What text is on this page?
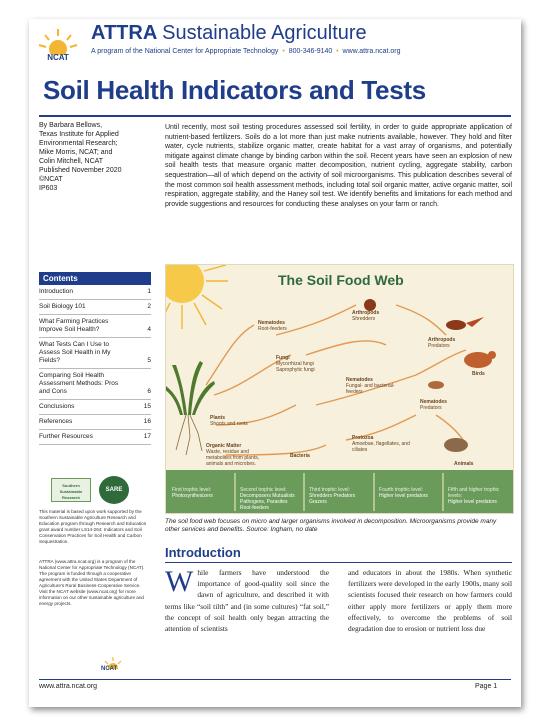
NCAT
ATTRA Sustainable Agriculture
A program of the National Center for Appropriate Technology  •  800-346-9140  •  www.attra.ncat.org
Soil Health Indicators and Tests
By Barbara Bellows,
Texas Institute for Applied
Environmental Research;
Mike Morris, NCAT; and
Colin Mitchell, NCAT
Published November 2020
©NCAT
IP603
Contents
Introduction	1
Soil Biology 101	2
What Farming Practices Improve Soil Health?	4
What Tests Can I Use to Assess Soil Health in My Fields?	5
Comparing Soil Health Assessment Methods: Pros and Cons	6
Conclusions	15
References	16
Further Resources	17
Southern Sustainable Research
SARE
This material is based upon work supported by the Southern Sustainable Agriculture Research and Education program through Research and Education grant award number LS14-264: Indicators and Soil Conservation Practices for Soil Health and Carbon Sequestration.
ATTRA (www.attra.ncat.org) is a program of the National Center for Appropriate Technology (NCAT). The program is funded through a cooperative agreement with the United States Department of Agriculture's Rural Business-Cooperative Service. Visit the NCAT website (www.ncat.org) for more information on our other sustainable agriculture and energy projects.
NCAT
Until recently, most soil testing procedures assessed soil fertility, in order to guide appropriate application of nutrient-based fertilizers. Soils do a lot more than just make nutrients available, however. They hold and filter water, cycle nutrients, stabilize organic matter, create habitat for a vast array of organisms, and potentially mitigate against climate change by binding carbon within the soil. Recent years have seen an explosion of new soil health tests that measure organic matter decomposition, nutrient cycling, aggregate stability, carbon sequestration—all of which depend on the activity of soil microorganisms. This publication describes several of the most common soil health assessment methods, including total soil organic matter, active organic matter, soil respiration, aggregate stability, and the Haney soil test. We identify benefits and limitations for each method and provide suggestions and resources for conducting these analyses on your farm or ranch.
The Soil Food Web
Nematodes
Root-feeders
Arthropods
Shredders
Fungi
Mycorrhizal fungi Saprophytic fungi
Nematodes
Fungal- and bacterial-feeders
Arthropods
Predators
Birds
Plants
Shoots and roots
Nematodes
Predators
Organic Matter
Waste, residue and metabolites from plants, animals and microbes.
Bacteria
Protozoa
Amoebae, flagellates, and ciliates
Animals
First trophic level:
Photosynthesizers
Second trophic level:
Decomposers Mutualists Pathogens, Parasites Root-feeders
Third trophic level:
Shredders Predators Grazers
Fourth trophic level:
Higher level predators
Fifth and higher trophic levels:
Higher level predators
The soil food web focuses on micro and larger organisms involved in decomposition. Microorganisms provide many other services and benefits. Source: Ingham, no date
Introduction
While farmers have understood the importance of good-quality soil since the dawn of agriculture, and described it with terms like “soil tilth” and (in some cultures) “fat soil,” the concept of soil health only began attracting the attention of scientists
and educators in about the 1980s. When synthetic fertilizers were developed in the early 1900s, many soil scientists focused their research on how farmers could either apply more fertilizers or apply them more effectively, to overcome the problems of soil degradation due to erosion or nutrient loss due
www.attra.ncat.org	Page 1
